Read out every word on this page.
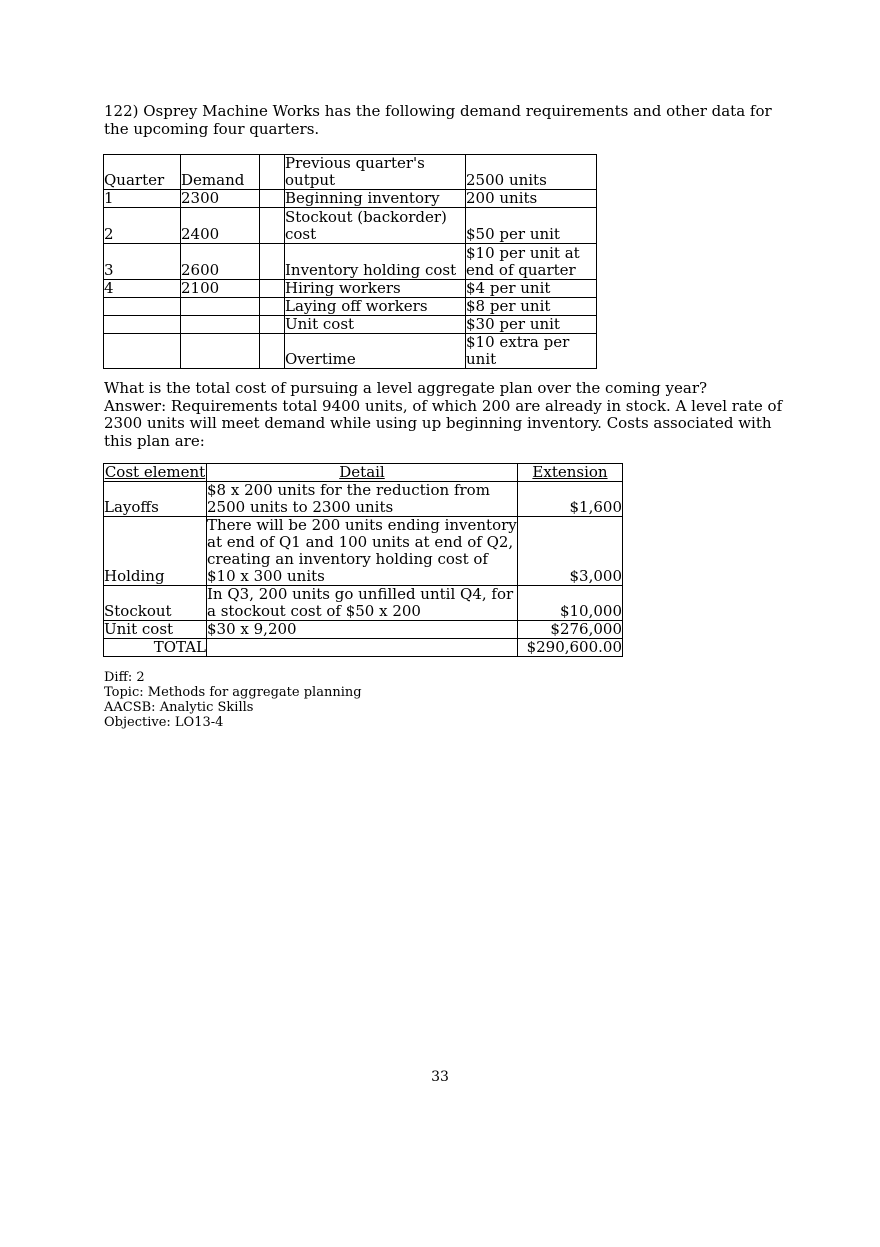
122) Osprey Machine Works has the following demand requirements and other data for the upcoming four quarters.

Quarter	Demand		Previous quarter's output	2500 units
1	2300		Beginning inventory	200 units
2	2400		Stockout (backorder) cost	$50 per unit
3	2600		Inventory holding cost	$10 per unit at end of quarter
4	2100		Hiring workers	$4 per unit
			Laying off workers	$8 per unit
			Unit cost	$30 per unit
			Overtime	$10 extra per unit
What is the total cost of pursuing a level aggregate plan over the coming year?
Answer: Requirements total 9400 units, of which 200 are already in stock. A level rate of 2300 units will meet demand while using up beginning inventory. Costs associated with this plan are:
Cost element	Detail	Extension
Layoffs	$8 x 200 units for the reduction from 2500 units to 2300 units	$1,600
Holding	There will be 200 units ending inventory at end of Q1 and 100 units at end of Q2, creating an inventory holding cost of $10 x 300 units	$3,000
Stockout	In Q3, 200 units go unfilled until Q4, for a stockout cost of $50 x 200	$10,000
Unit cost	$30 x 9,200	$276,000
TOTAL		$290,600.00
Diff: 2
Topic: Methods for aggregate planning
AACSB: Analytic Skills
Objective: LO13-4
33
